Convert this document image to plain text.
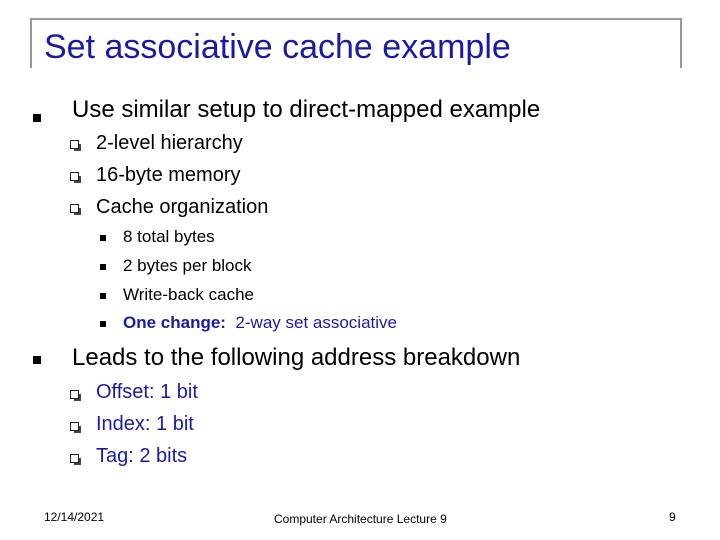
Set associative cache example
Use similar setup to direct-mapped example
2-level hierarchy
16-byte memory
Cache organization
8 total bytes
2 bytes per block
Write-back cache
One change: 2-way set associative
Leads to the following address breakdown
Offset: 1 bit
Index: 1 bit
Tag: 2 bits
12/14/2021	Computer Architecture Lecture 9	9
